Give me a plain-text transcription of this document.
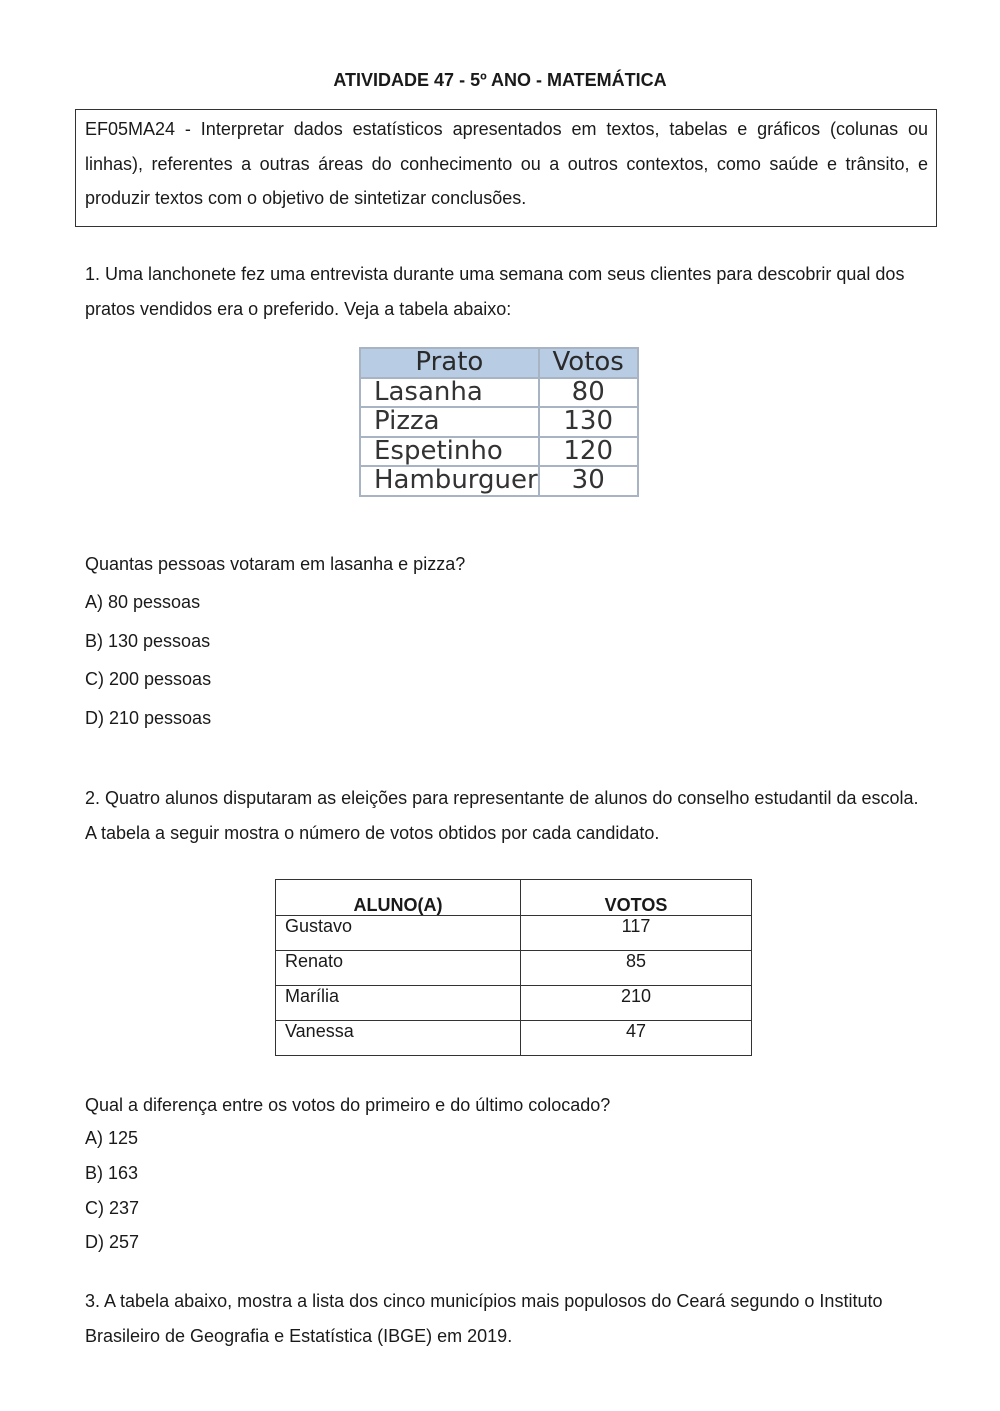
ATIVIDADE 47 - 5º ANO - MATEMÁTICA
EF05MA24 - Interpretar dados estatísticos apresentados em textos, tabelas e gráficos (colunas ou linhas), referentes a outras áreas do conhecimento ou a outros contextos, como saúde e trânsito, e produzir textos com o objetivo de sintetizar conclusões.
1. Uma lanchonete fez uma entrevista durante uma semana com seus clientes para descobrir qual dos pratos vendidos era o preferido. Veja a tabela abaixo:
Prato	Votos
Lasanha	80
Pizza	130
Espetinho	120
Hamburguer	30
Quantas pessoas votaram em lasanha e pizza?
A) 80 pessoas
B) 130 pessoas
C) 200 pessoas
D) 210 pessoas
2. Quatro alunos disputaram as eleições para representante de alunos do conselho estudantil da escola. A tabela a seguir mostra o número de votos obtidos por cada candidato.
ALUNO(A)	VOTOS
Gustavo	117
Renato	85
Marília	210
Vanessa	47
Qual a diferença entre os votos do primeiro e do último colocado?
A) 125
B) 163
C) 237
D) 257
3. A tabela abaixo, mostra a lista dos cinco municípios mais populosos do Ceará segundo o Instituto Brasileiro de Geografia e Estatística (IBGE) em 2019.
